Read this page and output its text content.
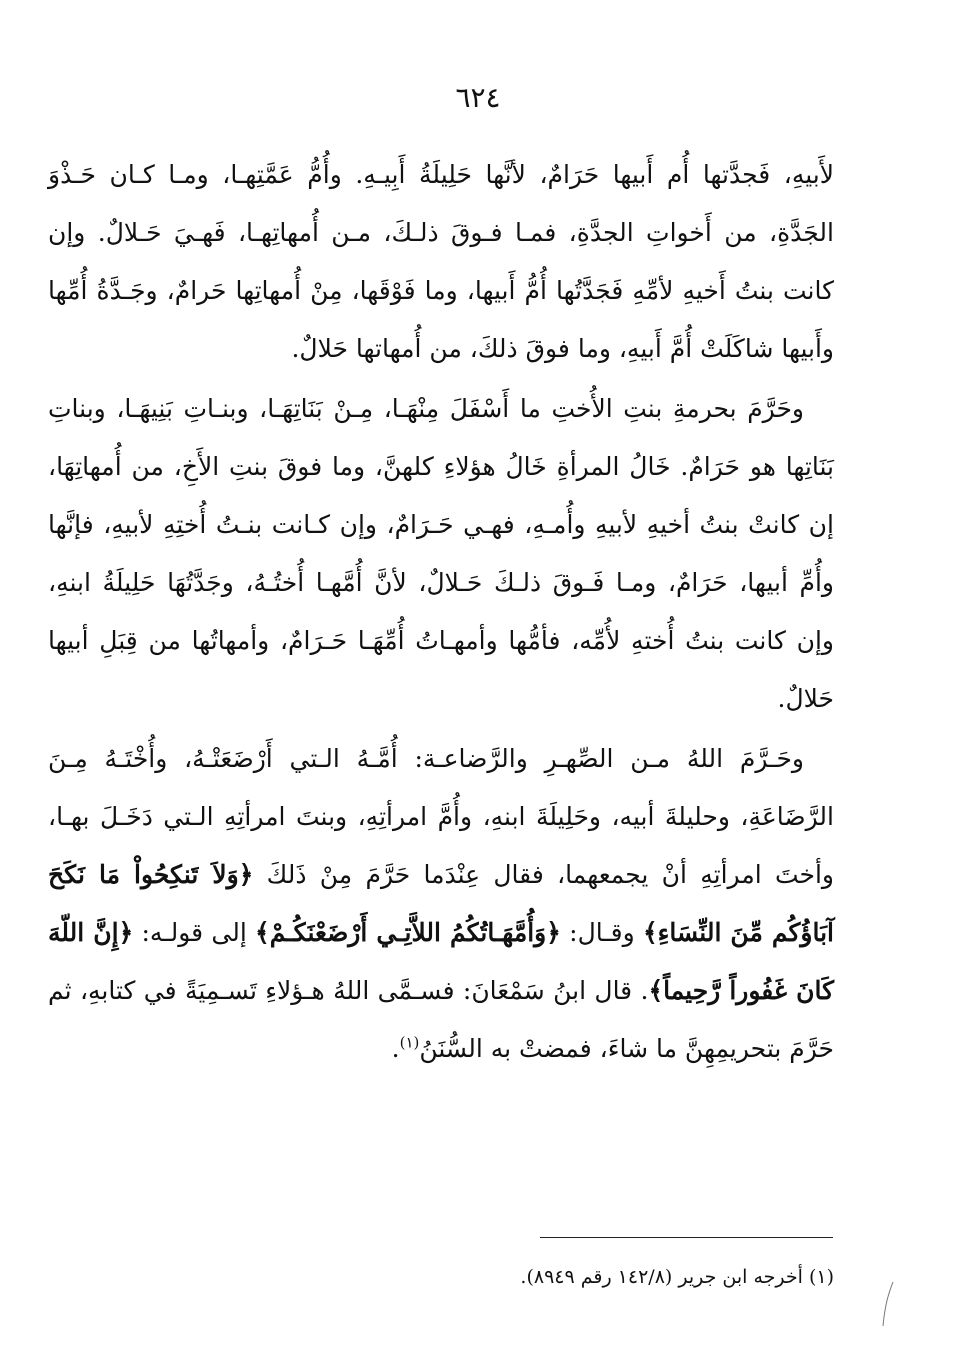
٦٢٤

لأَبيهِ، فَجدَّتها أُم أَبيها حَرَامٌ، لأنَّها حَلِيلَةُ أَبِيـهِ. وأُمُّ عَمَّتِهـا، ومـا كـان حَـذْوَ الجَدَّةِ، من أَخواتِ الجدَّةِ، فمـا فـوقَ ذلـكَ، مـن أُمهاتِهـا، فَهـيَ حَـلالٌ. وإن كانت بنتُ أَخيهِ لأمِّهِ فَجَدَّتُها أُمُّ أَبيها، وما فَوْقَها، مِنْ أُمهاتِها حَرامٌ، وجَـدَّةُ أُمِّها وأَبيها شاكَلَتْ أُمَّ أَبيهِ، وما فوقَ ذلكَ، من أُمهاتها حَلالٌ.

وحَرَّمَ بحرمةِ بنتِ الأُختِ ما أَسْفَلَ مِنْهَـا، مِـنْ بَنَاتِهَـا، وبنـاتِ بَنِيهَـا، وبناتِ بَنَاتِها هو حَرَامٌ. خَالُ المرأةِ خَالُ هؤلاءِ كلهنَّ، وما فوقَ بنتِ الأَخِ، من أُمهاتِهَا، إن كانتْ بنتُ أخيهِ لأبيهِ وأُمـهِ، فهـي حَـرَامٌ، وإن كـانت بنـتُ أُختِهِ لأبيهِ، فإنَّها وأُمِّ أبيها، حَرَامٌ، ومـا فَـوقَ ذلـكَ حَـلالٌ، لأنَّ أُمَّهـا أُختُـهُ، وجَدَّتُهَا حَلِيلَةُ ابنهِ، وإن كانت بنتُ أُختهِ لأُمِّه، فأمُّها وأمهـاتُ أُمِّهَـا حَـرَامٌ، وأمهاتُها من قِبَلِ أبيها حَلالٌ.

وحَـرَّمَ اللهُ مـن الصِّهـرِ والرَّضاعـة: أُمَّـهُ الـتي أَرْضَعَتْـهُ، وأُخْتَـهُ مِـنَ الرَّضَاعَةِ، وحليلةَ أبيه، وحَلِيلَةَ ابنهِ، وأُمَّ امرأتِهِ، وبنتَ امرأتِهِ الـتي دَخَـلَ بهـا، وأختَ امرأتِهِ أنْ يجمعهما، فقال عِنْدَما حَرَّمَ مِنْ ذَلكَ ﴿وَلاَ تَنكِحُواْ مَا نَكَحَ آبَاؤُكُم مِّنَ النِّسَاءِ﴾ وقـال: ﴿وَأُمَّهَـاتُكُمُ اللاَّتِـي أَرْضَعْنَكُـمْ﴾ إلى قولـه: ﴿إِنَّ اللّهَ كَانَ غَفُوراً رَّحِيماً﴾. قال ابنُ سَمْعَانَ: فسـمَّى اللهُ هـؤلاءِ تَسـمِيَةً في كتابهِ، ثم حَرَّمَ بتحريمِهِنَّ ما شاءَ، فمضتْ به السُّنَنُ$^{(١)}$.

(١) أخرجه ابن جرير (١٤٢/٨ رقم ٨٩٤٩).
